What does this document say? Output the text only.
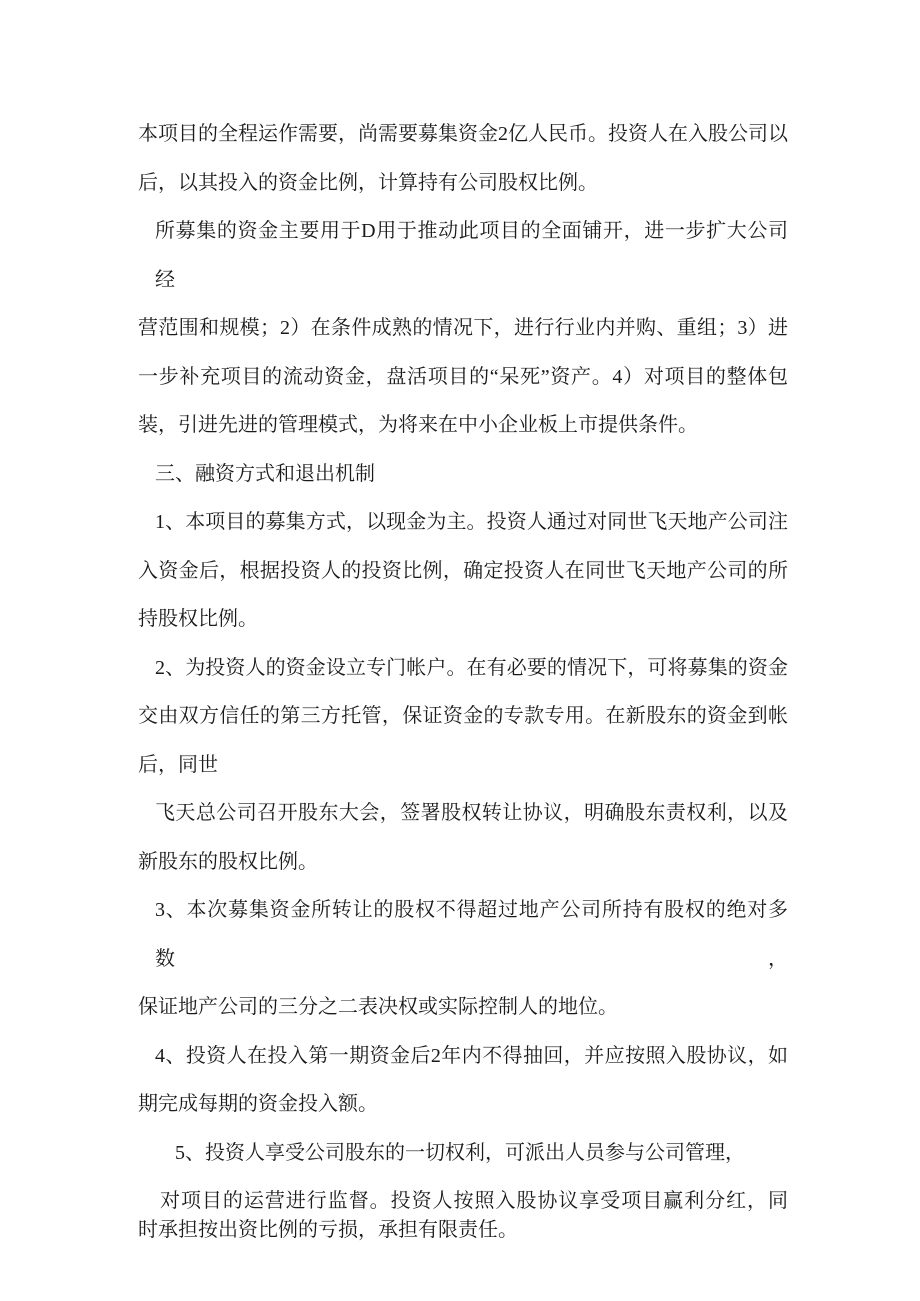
本项目的全程运作需要，尚需要募集资金2亿人民币。投资人在入股公司以
后，以其投入的资金比例，计算持有公司股权比例。
所募集的资金主要用于D用于推动此项目的全面铺开，进一步扩大公司经
营范围和规模；2）在条件成熟的情况下，进行行业内并购、重组；3）进
一步补充项目的流动资金，盘活项目的“呆死”资产。4）对项目的整体包
装，引进先进的管理模式，为将来在中小企业板上市提供条件。
三、融资方式和退出机制
1、本项目的募集方式，以现金为主。投资人通过对同世飞天地产公司注
入资金后，根据投资人的投资比例，确定投资人在同世飞天地产公司的所
持股权比例。
2、为投资人的资金设立专门帐户。在有必要的情况下，可将募集的资金
交由双方信任的第三方托管，保证资金的专款专用。在新股东的资金到帐
后，同世
飞天总公司召开股东大会，签署股权转让协议，明确股东责权利，以及
新股东的股权比例。
3、本次募集资金所转让的股权不得超过地产公司所持有股权的绝对多数，
保证地产公司的三分之二表决权或实际控制人的地位。
4、投资人在投入第一期资金后2年内不得抽回，并应按照入股协议，如
期完成每期的资金投入额。
5、投资人享受公司股东的一切权利，可派出人员参与公司管理，
对项目的运营进行监督。投资人按照入股协议享受项目赢利分红，同
时承担按出资比例的亏损，承担有限责任。
